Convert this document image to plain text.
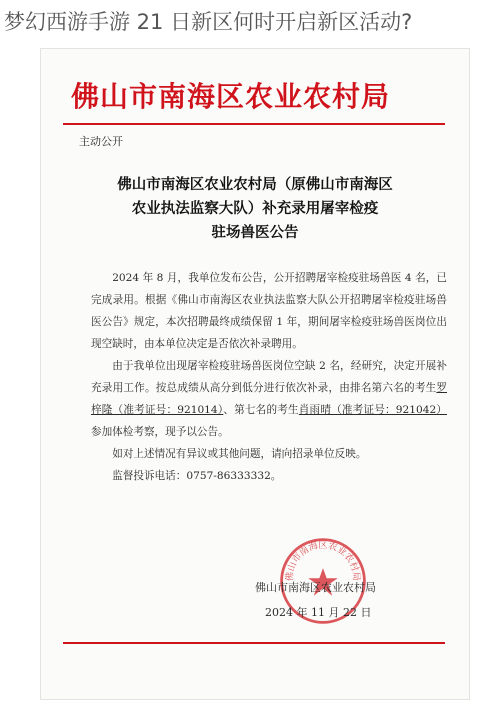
梦幻西游手游 21 日新区何时开启新区活动?
佛山市南海区农业农村局
主动公开
佛山市南海区农业农村局（原佛山市南海区
农业执法监察大队）补充录用屠宰检疫
驻场兽医公告

2024 年 8 月，我单位发布公告，公开招聘屠宰检疫驻场兽医 4 名，已完成录用。根据《佛山市南海区农业执法监察大队公开招聘屠宰检疫驻场兽医公告》规定，本次招聘最终成绩保留 1 年，期间屠宰检疫驻场兽医岗位出现空缺时，由本单位决定是否依次补录聘用。

由于我单位出现屠宰检疫驻场兽医岗位空缺 2 名，经研究，决定开展补充录用工作。按总成绩从高分到低分进行依次补录，由排名第六名的考生罗梓隆（准考证号：921014）、第七名的考生肖雨晴（准考证号：921042）参加体检考察，现予以公告。

如对上述情况有异议或其他问题，请向招录单位反映。

监督投诉电话：0757-86333332。

佛山市南海区农业农村局
佛山市南海区农业农村局
2024 年 11 月 22 日
